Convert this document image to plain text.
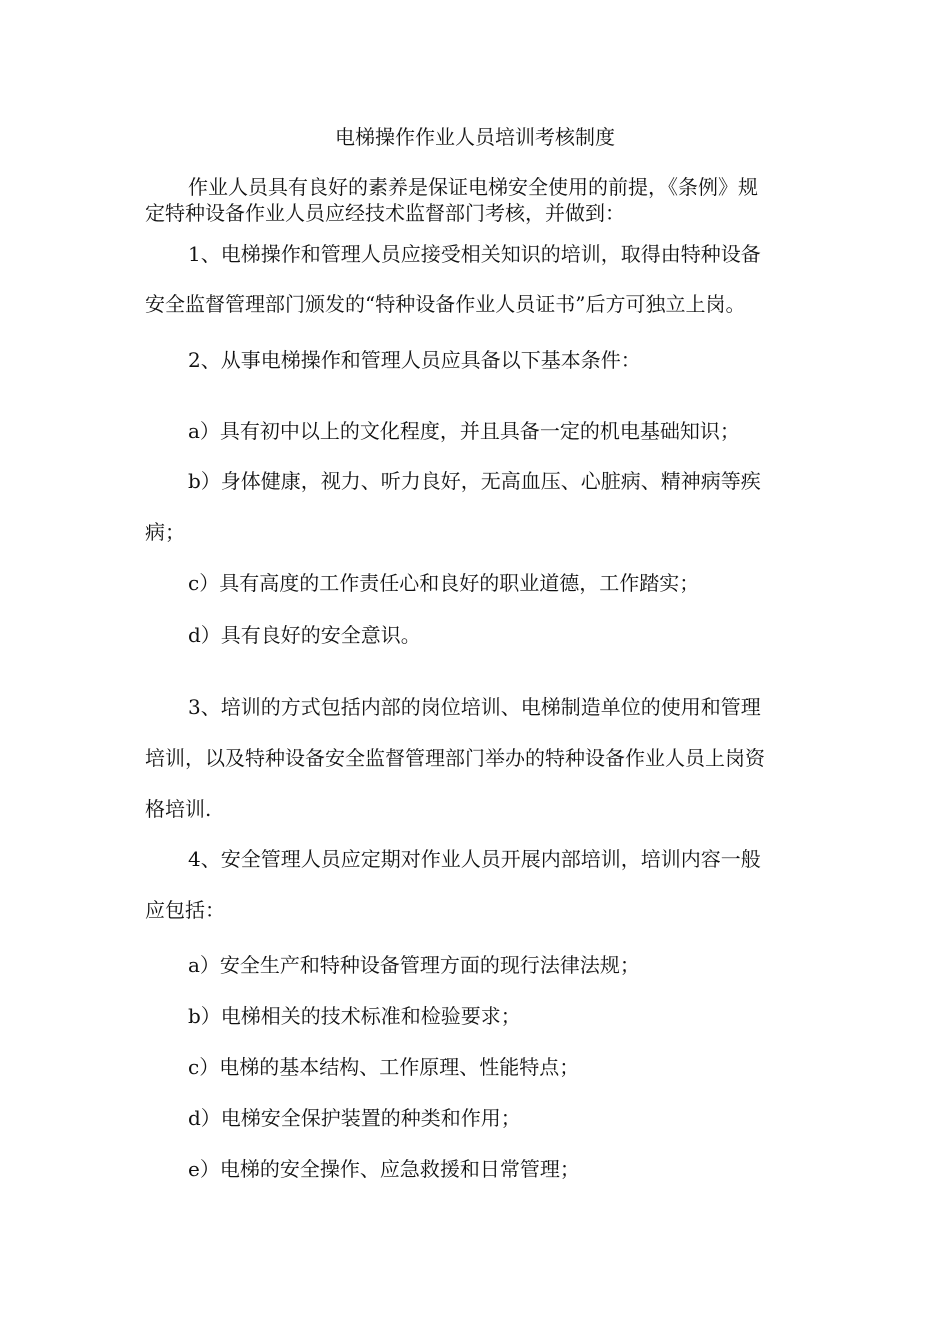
电梯操作作业人员培训考核制度
作业人员具有良好的素养是保证电梯安全使用的前提，《条例》规
定特种设备作业人员应经技术监督部门考核，并做到：
1、电梯操作和管理人员应接受相关知识的培训，取得由特种设备
安全监督管理部门颁发的“特种设备作业人员证书”后方可独立上岗。
2、从事电梯操作和管理人员应具备以下基本条件：
a）具有初中以上的文化程度，并且具备一定的机电基础知识；
b）身体健康，视力、听力良好，无高血压、心脏病、精神病等疾
病；
c）具有高度的工作责任心和良好的职业道德，工作踏实；
d）具有良好的安全意识。
3、培训的方式包括内部的岗位培训、电梯制造单位的使用和管理
培训，以及特种设备安全监督管理部门举办的特种设备作业人员上岗资
格培训.
4、安全管理人员应定期对作业人员开展内部培训，培训内容一般
应包括：
a）安全生产和特种设备管理方面的现行法律法规；
b）电梯相关的技术标准和检验要求；
c）电梯的基本结构、工作原理、性能特点；
d）电梯安全保护装置的种类和作用；
e）电梯的安全操作、应急救援和日常管理；
